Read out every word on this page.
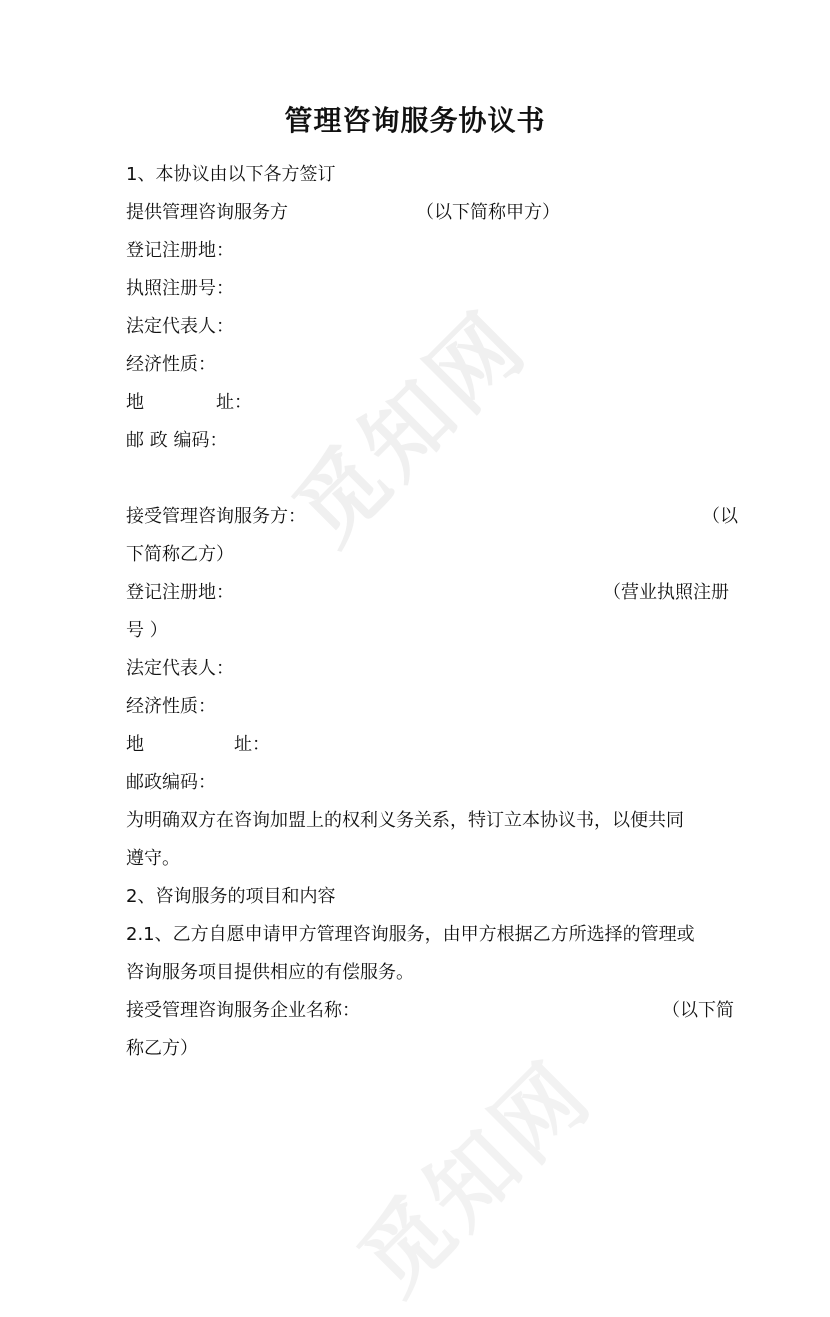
觅知网
觅知网
管理咨询服务协议书
1、本协议由以下各方签订
提供管理咨询服务方	（以下简称甲方）
登记注册地：
执照注册号：
法定代表人：
经济性质：
地　　　　址：
邮 政 编码：
接受管理咨询服务方：	（以
下简称乙方）
登记注册地：	（营业执照注册
号 ）
法定代表人：
经济性质：
地　　　　　址：
邮政编码：
为明确双方在咨询加盟上的权利义务关系，特订立本协议书，以便共同
遵守。
2、咨询服务的项目和内容
2.1、乙方自愿申请甲方管理咨询服务，由甲方根据乙方所选择的管理或
咨询服务项目提供相应的有偿服务。
接受管理咨询服务企业名称：	（以下简
称乙方）
